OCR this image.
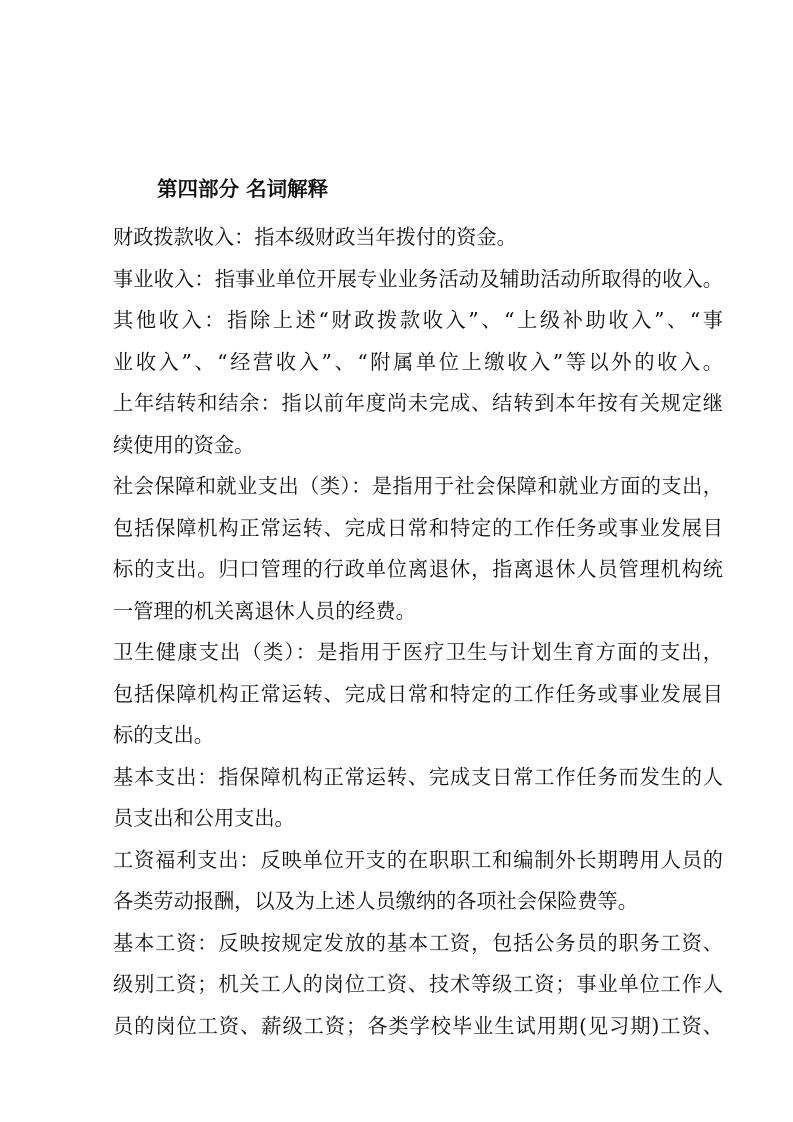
第四部分 名词解释
财政拨款收入：指本级财政当年拨付的资金。
事业收入：指事业单位开展专业业务活动及辅助活动所取得的收入。
其他收入：指除上述“财政拨款收入”、“上级补助收入”、“事
业收入”、“经营收入”、“附属单位上缴收入”等以外的收入。
上年结转和结余：指以前年度尚未完成、结转到本年按有关规定继
续使用的资金。
社会保障和就业支出（类）：是指用于社会保障和就业方面的支出，
包括保障机构正常运转、完成日常和特定的工作任务或事业发展目
标的支出。归口管理的行政单位离退休，指离退休人员管理机构统
一管理的机关离退休人员的经费。
卫生健康支出（类）：是指用于医疗卫生与计划生育方面的支出，
包括保障机构正常运转、完成日常和特定的工作任务或事业发展目
标的支出。
基本支出：指保障机构正常运转、完成支日常工作任务而发生的人
员支出和公用支出。
工资福利支出：反映单位开支的在职职工和编制外长期聘用人员的
各类劳动报酬，以及为上述人员缴纳的各项社会保险费等。
基本工资：反映按规定发放的基本工资，包括公务员的职务工资、
级别工资；机关工人的岗位工资、技术等级工资；事业单位工作人
员的岗位工资、薪级工资；各类学校毕业生试用期(见习期)工资、
